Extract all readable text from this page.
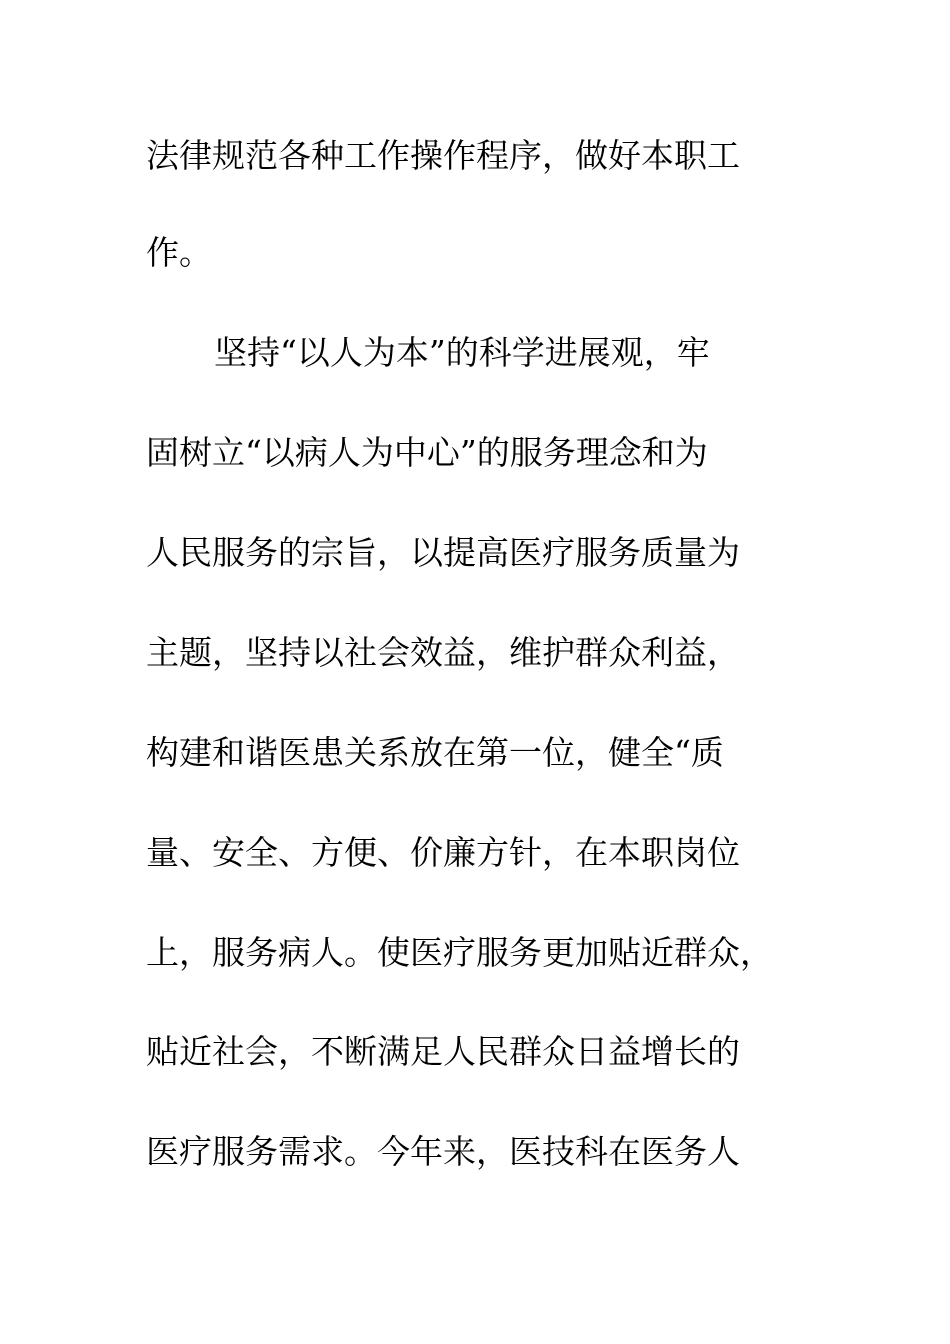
法律规范各种工作操作程序，做好本职工
作。
坚持“以人为本”的科学进展观，牢
固树立“以病人为中心”的服务理念和为
人民服务的宗旨，以提高医疗服务质量为
主题，坚持以社会效益，维护群众利益，
构建和谐医患关系放在第一位，健全“质
量、安全、方便、价廉方针，在本职岗位
上，服务病人。使医疗服务更加贴近群众，
贴近社会，不断满足人民群众日益增长的
医疗服务需求。今年来，医技科在医务人
